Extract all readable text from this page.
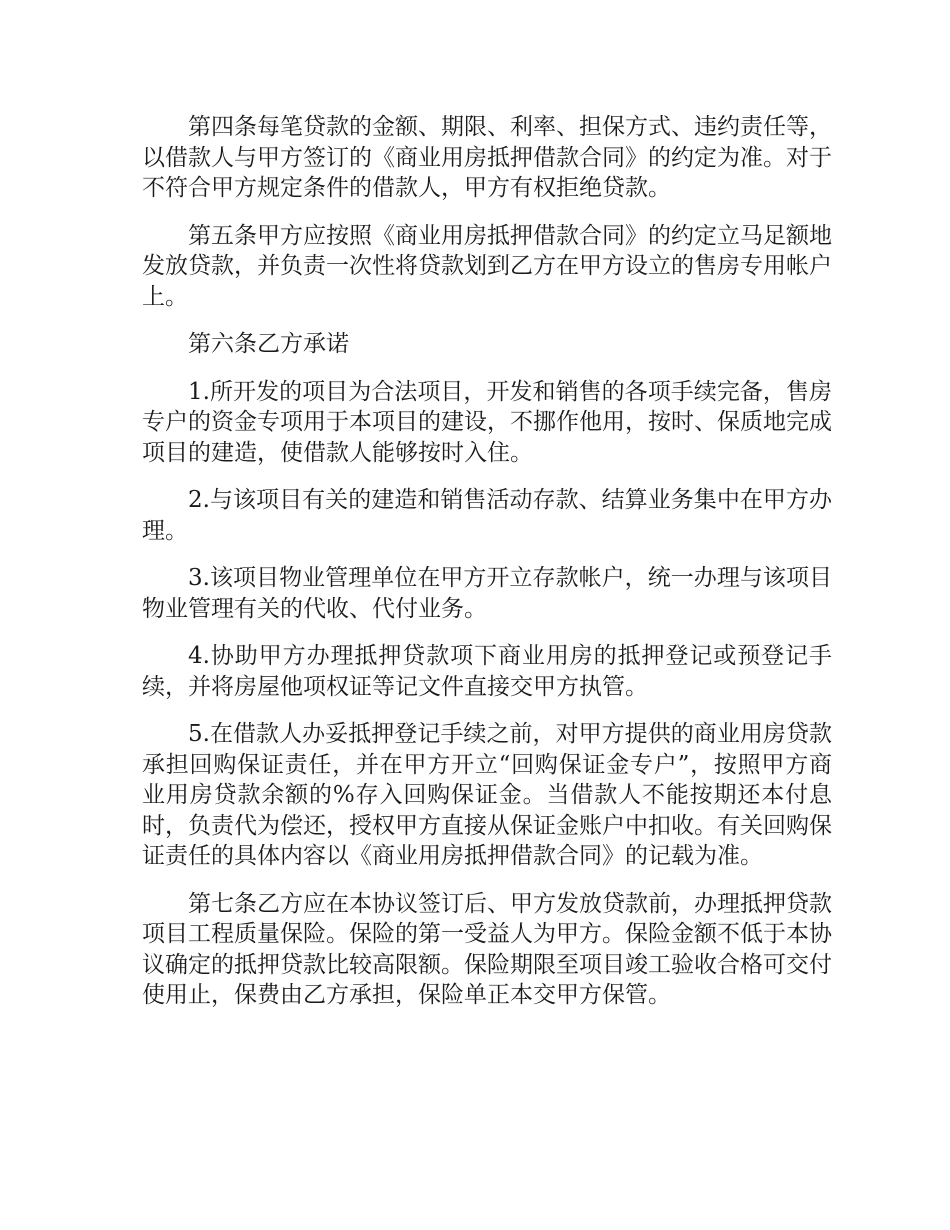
第四条每笔贷款的金额、期限、利率、担保方式、违约责任等，以借款人与甲方签订的《商业用房抵押借款合同》的约定为准。对于不符合甲方规定条件的借款人，甲方有权拒绝贷款。

第五条甲方应按照《商业用房抵押借款合同》的约定立马足额地发放贷款，并负责一次性将贷款划到乙方在甲方设立的售房专用帐户上。

第六条乙方承诺

1.所开发的项目为合法项目，开发和销售的各项手续完备，售房专户的资金专项用于本项目的建设，不挪作他用，按时、保质地完成项目的建造，使借款人能够按时入住。

2.与该项目有关的建造和销售活动存款、结算业务集中在甲方办理。

3.该项目物业管理单位在甲方开立存款帐户，统一办理与该项目物业管理有关的代收、代付业务。

4.协助甲方办理抵押贷款项下商业用房的抵押登记或预登记手续，并将房屋他项权证等记文件直接交甲方执管。

5.在借款人办妥抵押登记手续之前，对甲方提供的商业用房贷款承担回购保证责任，并在甲方开立“回购保证金专户”，按照甲方商业用房贷款余额的%存入回购保证金。当借款人不能按期还本付息时，负责代为偿还，授权甲方直接从保证金账户中扣收。有关回购保证责任的具体内容以《商业用房抵押借款合同》的记载为准。

第七条乙方应在本协议签订后、甲方发放贷款前，办理抵押贷款项目工程质量保险。保险的第一受益人为甲方。保险金额不低于本协议确定的抵押贷款比较高限额。保险期限至项目竣工验收合格可交付使用止，保费由乙方承担，保险单正本交甲方保管。
